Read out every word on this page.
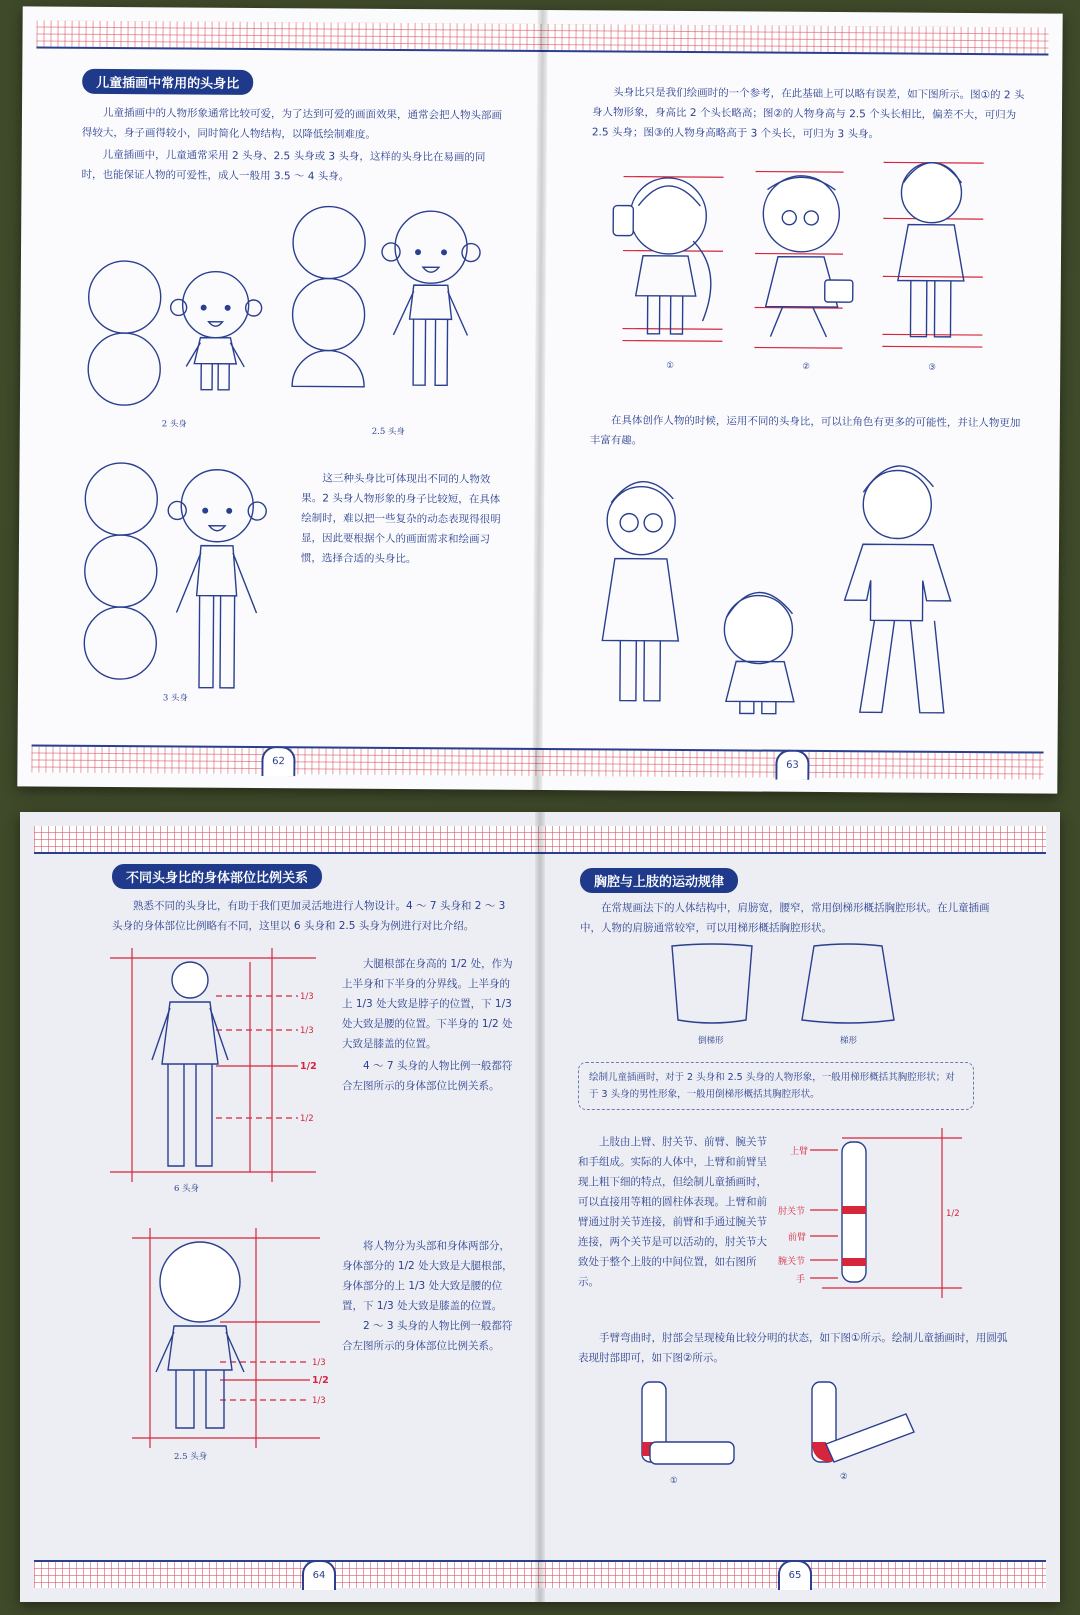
儿童插画中常用的头身比

儿童插画中的人物形象通常比较可爱，为了达到可爱的画面效果，通常会把人物头部画得较大，身子画得较小，同时简化人物结构，以降低绘制难度。

儿童插画中，儿童通常采用 2 头身、2.5 头身或 3 头身，这样的头身比在易画的同时，也能保证人物的可爱性，成人一般用 3.5 ～ 4 头身。

2 头身
2.5 头身
3 头身

这三种头身比可体现出不同的人物效果。2 头身人物形象的身子比较短，在具体绘制时，难以把一些复杂的动态表现得很明显，因此要根据个人的画面需求和绘画习惯，选择合适的头身比。

62

头身比只是我们绘画时的一个参考，在此基础上可以略有误差，如下图所示。图①的 2 头身人物形象，身高比 2 个头长略高；图②的人物身高与 2.5 个头长相比，偏差不大，可归为 2.5 头身；图③的人物身高略高于 3 个头长，可归为 3 头身。

①	②	③

在具体创作人物的时候，运用不同的头身比，可以让角色有更多的可能性，并让人物更加丰富有趣。

63
不同头身比的身体部位比例关系

熟悉不同的头身比，有助于我们更加灵活地进行人物设计。4 ～ 7 头身和 2 ～ 3 头身的身体部位比例略有不同，这里以 6 头身和 2.5 头身为例进行对比介绍。

1/3
1/3
1/2
1/2
6 头身

大腿根部在身高的 1/2 处，作为上半身和下半身的分界线。上半身的上 1/3 处大致是脖子的位置，下 1/3 处大致是腰的位置。下半身的 1/2 处大致是膝盖的位置。

4 ～ 7 头身的人物比例一般都符合左图所示的身体部位比例关系。

1/3
1/2
1/3
2.5 头身

将人物分为头部和身体两部分，身体部分的 1/2 处大致是大腿根部，身体部分的上 1/3 处大致是腰的位置，下 1/3 处大致是膝盖的位置。

2 ～ 3 头身的人物比例一般都符合左图所示的身体部位比例关系。

64
胸腔与上肢的运动规律

在常规画法下的人体结构中，肩膀宽，腰窄，常用倒梯形概括胸腔形状。在儿童插画中，人物的肩膀通常较窄，可以用梯形概括胸腔形状。

倒梯形	梯形
绘制儿童插画时，对于 2 头身和 2.5 头身的人物形象，一般用梯形概括其胸腔形状；对于 3 头身的男性形象，一般用倒梯形概括其胸腔形状。

上肢由上臂、肘关节、前臂、腕关节和手组成。实际的人体中，上臂和前臂呈现上粗下细的特点，但绘制儿童插画时，可以直接用等粗的圆柱体表现。上臂和前臂通过肘关节连接，前臂和手通过腕关节连接，两个关节是可以活动的，肘关节大致处于整个上肢的中间位置，如右图所示。

1/2
上臂
肘关节
前臂
腕关节
手

手臂弯曲时，肘部会呈现棱角比较分明的状态，如下图①所示。绘制儿童插画时，用圆弧表现肘部即可，如下图②所示。

①	②
65
